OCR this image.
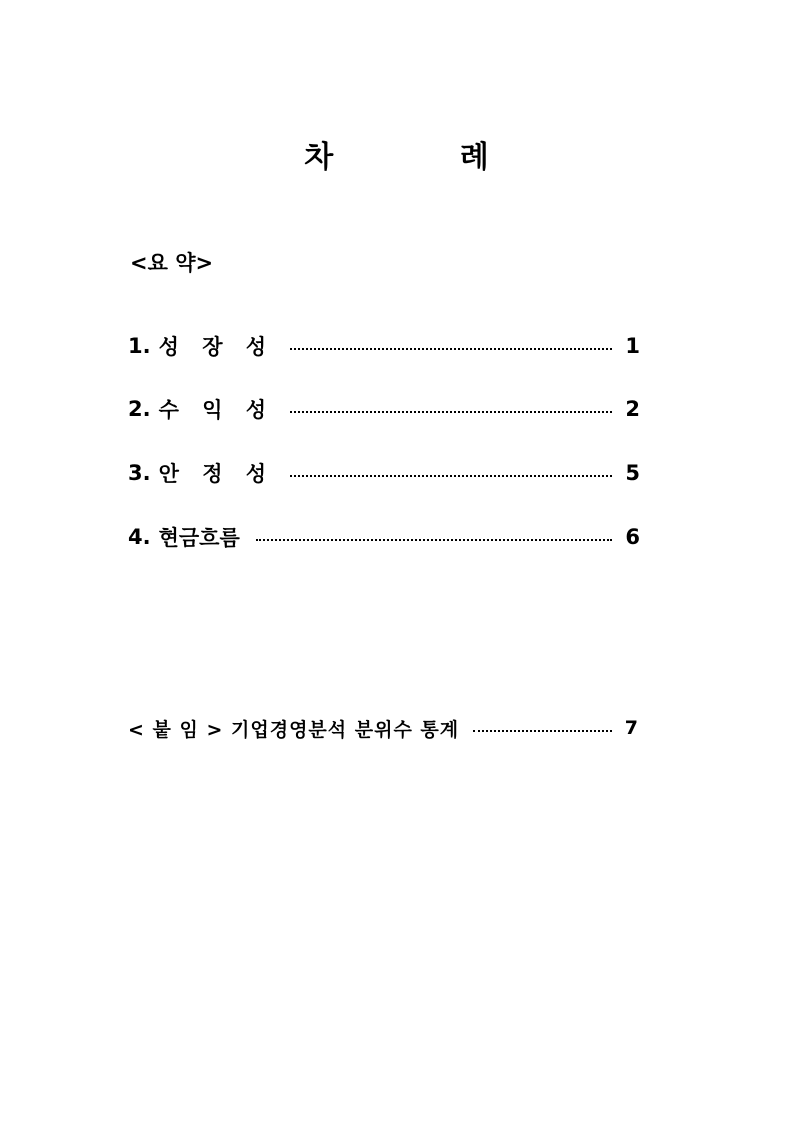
차 례
<요 약>
1. 성 장 성	1
2. 수 익 성	2
3. 안 정 성	5
4. 현금흐름	6
< 붙 임 > 기업경영분석 분위수 통계	7
